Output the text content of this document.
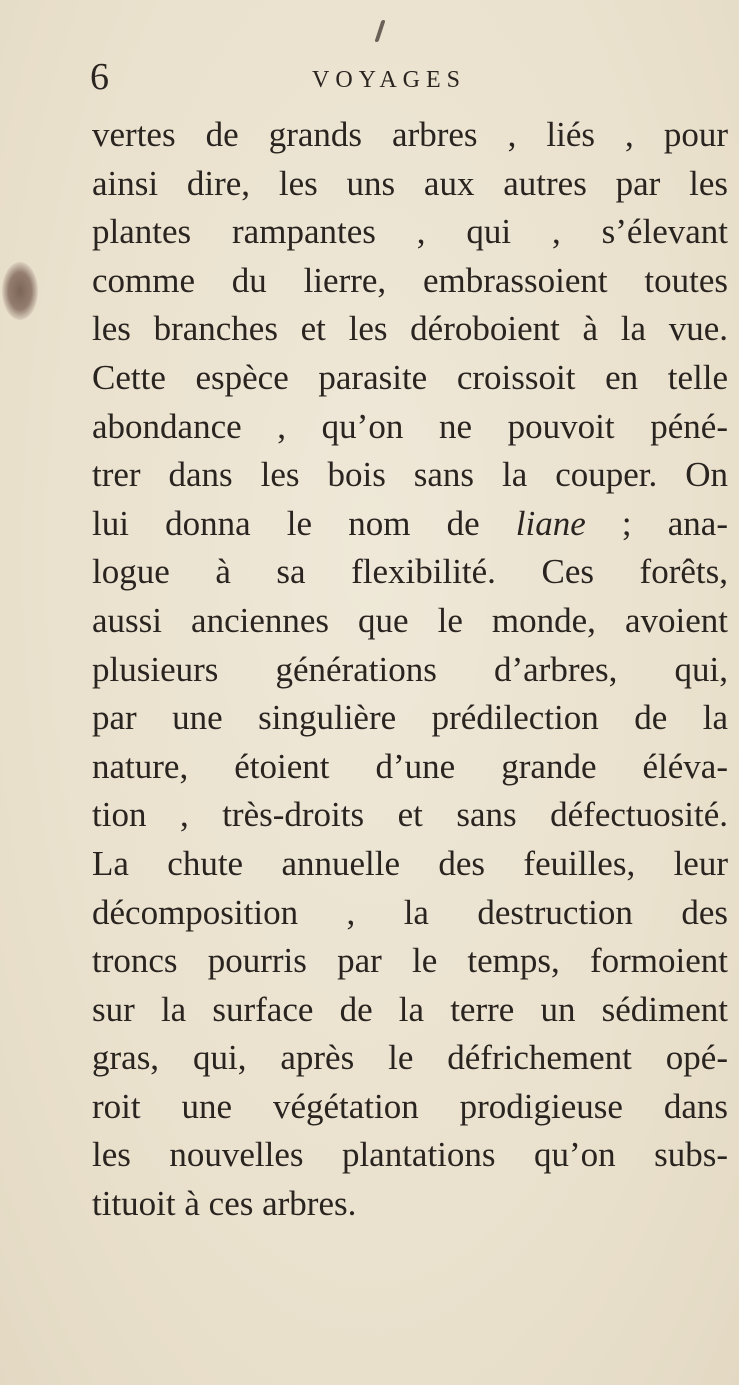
6	VOYAGES
vertes de grands arbres , liés , pour
ainsi dire, les uns aux autres par les
plantes rampantes , qui , s’élevant
comme du lierre, embrassoient toutes
les branches et les déroboient à la vue.
Cette espèce parasite croissoit en telle
abondance , qu’on ne pouvoit péné-
trer dans les bois sans la couper. On
lui donna le nom de liane ; ana-
logue à sa flexibilité. Ces forêts,
aussi anciennes que le monde, avoient
plusieurs générations d’arbres, qui,
par une singulière prédilection de la
nature, étoient d’une grande éléva-
tion , très-droits et sans défectuosité.
La chute annuelle des feuilles, leur
décomposition , la destruction des
troncs pourris par le temps, formoient
sur la surface de la terre un sédiment
gras, qui, après le défrichement opé-
roit une végétation prodigieuse dans
les nouvelles plantations qu’on subs-
tituoit à ces arbres.
